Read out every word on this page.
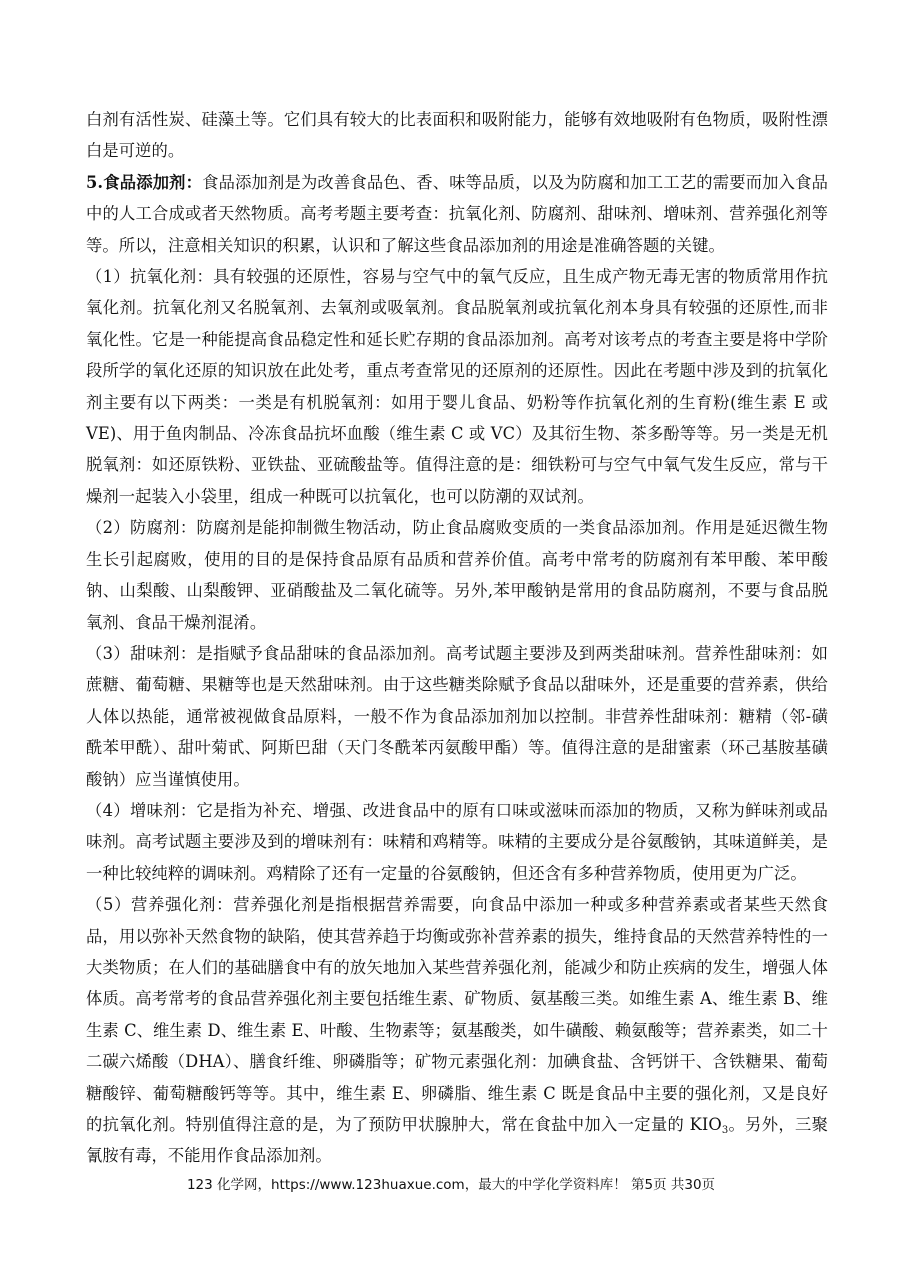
白剂有活性炭、硅藻土等。它们具有较大的比表面积和吸附能力，能够有效地吸附有色物质，吸附性漂白是可逆的。

5.食品添加剂：食品添加剂是为改善食品色、香、味等品质，以及为防腐和加工工艺的需要而加入食品中的人工合成或者天然物质。高考考题主要考查：抗氧化剂、防腐剂、甜味剂、增味剂、营养强化剂等等。所以，注意相关知识的积累，认识和了解这些食品添加剂的用途是准确答题的关键。

（1）抗氧化剂：具有较强的还原性，容易与空气中的氧气反应，且生成产物无毒无害的物质常用作抗氧化剂。抗氧化剂又名脱氧剂、去氧剂或吸氧剂。食品脱氧剂或抗氧化剂本身具有较强的还原性,而非氧化性。它是一种能提高食品稳定性和延长贮存期的食品添加剂。高考对该考点的考查主要是将中学阶段所学的氧化还原的知识放在此处考，重点考查常见的还原剂的还原性。因此在考题中涉及到的抗氧化剂主要有以下两类：一类是有机脱氧剂：如用于婴儿食品、奶粉等作抗氧化剂的生育粉(维生素 E 或 VE)、用于鱼肉制品、冷冻食品抗坏血酸（维生素 C 或 VC）及其衍生物、茶多酚等等。另一类是无机脱氧剂：如还原铁粉、亚铁盐、亚硫酸盐等。值得注意的是：细铁粉可与空气中氧气发生反应，常与干燥剂一起装入小袋里，组成一种既可以抗氧化，也可以防潮的双试剂。

（2）防腐剂：防腐剂是能抑制微生物活动，防止食品腐败变质的一类食品添加剂。作用是延迟微生物生长引起腐败，使用的目的是保持食品原有品质和营养价值。高考中常考的防腐剂有苯甲酸、苯甲酸钠、山梨酸、山梨酸钾、亚硝酸盐及二氧化硫等。另外,苯甲酸钠是常用的食品防腐剂，不要与食品脱氧剂、食品干燥剂混淆。

（3）甜味剂：是指赋予食品甜味的食品添加剂。高考试题主要涉及到两类甜味剂。营养性甜味剂：如蔗糖、葡萄糖、果糖等也是天然甜味剂。由于这些糖类除赋予食品以甜味外，还是重要的营养素，供给人体以热能，通常被视做食品原料，一般不作为食品添加剂加以控制。非营养性甜味剂：糖精（邻-磺酰苯甲酰）、甜叶菊甙、阿斯巴甜（天门冬酰苯丙氨酸甲酯）等。值得注意的是甜蜜素（环己基胺基磺酸钠）应当谨慎使用。

（4）增味剂：它是指为补充、增强、改进食品中的原有口味或滋味而添加的物质，又称为鲜味剂或品味剂。高考试题主要涉及到的增味剂有：味精和鸡精等。味精的主要成分是谷氨酸钠，其味道鲜美，是一种比较纯粹的调味剂。鸡精除了还有一定量的谷氨酸钠，但还含有多种营养物质，使用更为广泛。

（5）营养强化剂：营养强化剂是指根据营养需要，向食品中添加一种或多种营养素或者某些天然食品，用以弥补天然食物的缺陷，使其营养趋于均衡或弥补营养素的损失，维持食品的天然营养特性的一大类物质；在人们的基础膳食中有的放矢地加入某些营养强化剂，能减少和防止疾病的发生，增强人体体质。高考常考的食品营养强化剂主要包括维生素、矿物质、氨基酸三类。如维生素 A、维生素 B、维生素 C、维生素 D、维生素 E、叶酸、生物素等；氨基酸类，如牛磺酸、赖氨酸等；营养素类，如二十二碳六烯酸（DHA）、膳食纤维、卵磷脂等；矿物元素强化剂：加碘食盐、含钙饼干、含铁糖果、葡萄糖酸锌、葡萄糖酸钙等等。其中，维生素 E、卵磷脂、维生素 C 既是食品中主要的强化剂，又是良好的抗氧化剂。特别值得注意的是，为了预防甲状腺肿大，常在食盐中加入一定量的 $KIO_3$。另外，三聚氰胺有毒，不能用作食品添加剂。

123 化学网，https://www.123huaxue.com，最大的中学化学资料库！ 第5页 共30页
